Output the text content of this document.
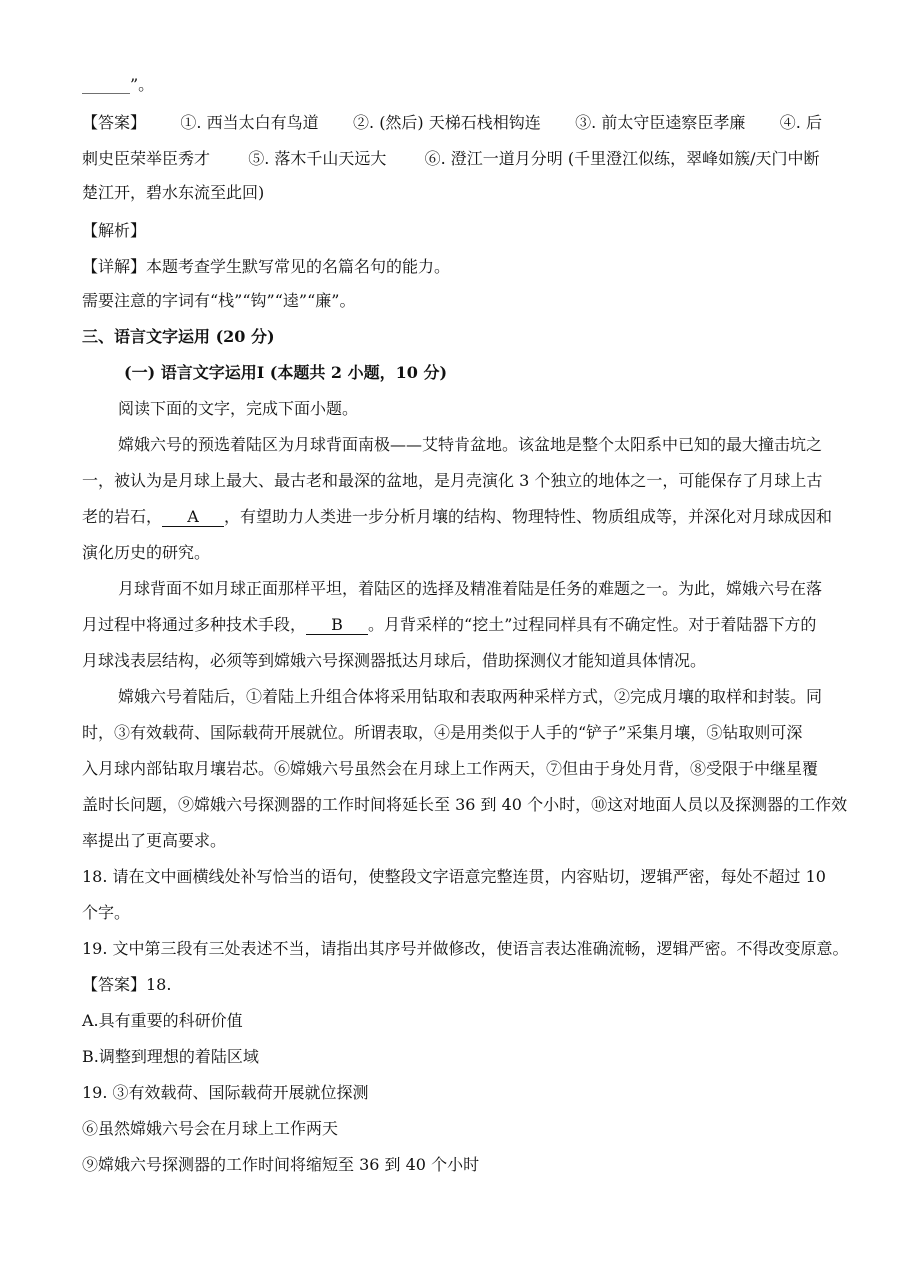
______”。
【答案】 ①. 西当太白有鸟道 ②. (然后) 天梯石栈相钩连 ③. 前太守臣逵察臣孝廉 ④. 后
刺史臣荣举臣秀才 ⑤. 落木千山天远大 ⑥. 澄江一道月分明 (千里澄江似练，翠峰如簇/天门中断
楚江开，碧水东流至此回)
【解析】
【详解】本题考查学生默写常见的名篇名句的能力。
需要注意的字词有“栈”“钩”“逵”“廉”。
三、语言文字运用 (20 分)
(一) 语言文字运用Ⅰ (本题共 2 小题，10 分)
阅读下面的文字，完成下面小题。
嫦娥六号的预选着陆区为月球背面南极——艾特肯盆地。该盆地是整个太阳系中已知的最大撞击坑之
一，被认为是月球上最大、最古老和最深的盆地，是月壳演化 3 个独立的地体之一，可能保存了月球上古
老的岩石， A ，有望助力人类进一步分析月壤的结构、物理特性、物质组成等，并深化对月球成因和
演化历史的研究。
月球背面不如月球正面那样平坦，着陆区的选择及精准着陆是任务的难题之一。为此，嫦娥六号在落
月过程中将通过多种技术手段， B 。月背采样的“挖土”过程同样具有不确定性。对于着陆器下方的
月球浅表层结构，必须等到嫦娥六号探测器抵达月球后，借助探测仪才能知道具体情况。
嫦娥六号着陆后，①着陆上升组合体将采用钻取和表取两种采样方式，②完成月壤的取样和封装。同
时，③有效载荷、国际载荷开展就位。所谓表取，④是用类似于人手的“铲子”采集月壤，⑤钻取则可深
入月球内部钻取月壤岩芯。⑥嫦娥六号虽然会在月球上工作两天，⑦但由于身处月背，⑧受限于中继星覆
盖时长问题，⑨嫦娥六号探测器的工作时间将延长至 36 到 40 个小时，⑩这对地面人员以及探测器的工作效
率提出了更高要求。
18. 请在文中画横线处补写恰当的语句，使整段文字语意完整连贯，内容贴切，逻辑严密，每处不超过 10
个字。
19. 文中第三段有三处表述不当，请指出其序号并做修改，使语言表达准确流畅，逻辑严密。不得改变原意。
【答案】18.
A.具有重要的科研价值
B.调整到理想的着陆区域
19. ③有效载荷、国际载荷开展就位探测
⑥虽然嫦娥六号会在月球上工作两天
⑨嫦娥六号探测器的工作时间将缩短至 36 到 40 个小时
